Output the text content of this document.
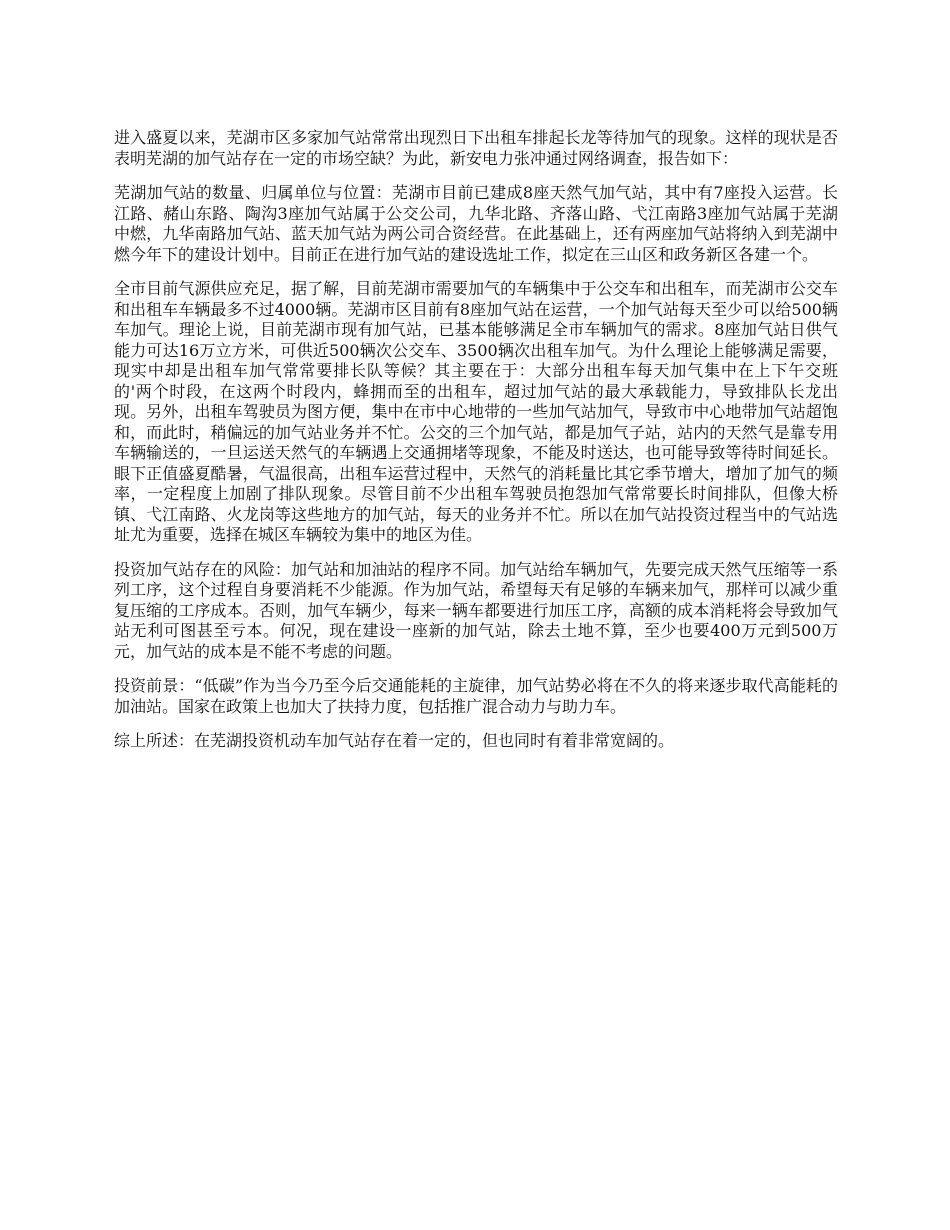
进入盛夏以来，芜湖市区多家加气站常常出现烈日下出租车排起长龙等待加气的现象。这样的现状是否表明芜湖的加气站存在一定的市场空缺？为此，新安电力张冲通过网络调查，报告如下：

芜湖加气站的数量、归属单位与位置：芜湖市目前已建成8座天然气加气站，其中有7座投入运营。长江路、赭山东路、陶沟3座加气站属于公交公司，九华北路、齐落山路、弋江南路3座加气站属于芜湖中燃，九华南路加气站、蓝天加气站为两公司合资经营。在此基础上，还有两座加气站将纳入到芜湖中燃今年下的建设计划中。目前正在进行加气站的建设选址工作，拟定在三山区和政务新区各建一个。

全市目前气源供应充足，据了解，目前芜湖市需要加气的车辆集中于公交车和出租车，而芜湖市公交车和出租车车辆最多不过4000辆。芜湖市区目前有8座加气站在运营，一个加气站每天至少可以给500辆车加气。理论上说，目前芜湖市现有加气站，已基本能够满足全市车辆加气的需求。8座加气站日供气能力可达16万立方米，可供近500辆次公交车、3500辆次出租车加气。为什么理论上能够满足需要，现实中却是出租车加气常常要排长队等候？其主要在于：大部分出租车每天加气集中在上下午交班的'两个时段，在这两个时段内，蜂拥而至的出租车，超过加气站的最大承载能力，导致排队长龙出现。另外，出租车驾驶员为图方便，集中在市中心地带的一些加气站加气，导致市中心地带加气站超饱和，而此时，稍偏远的加气站业务并不忙。公交的三个加气站，都是加气子站，站内的天然气是靠专用车辆输送的，一旦运送天然气的车辆遇上交通拥堵等现象，不能及时送达，也可能导致等待时间延长。眼下正值盛夏酷暑，气温很高，出租车运营过程中，天然气的消耗量比其它季节增大，增加了加气的频率，一定程度上加剧了排队现象。尽管目前不少出租车驾驶员抱怨加气常常要长时间排队，但像大桥镇、弋江南路、火龙岗等这些地方的加气站，每天的业务并不忙。所以在加气站投资过程当中的气站选址尤为重要，选择在城区车辆较为集中的地区为佳。

投资加气站存在的风险：加气站和加油站的程序不同。加气站给车辆加气，先要完成天然气压缩等一系列工序，这个过程自身要消耗不少能源。作为加气站，希望每天有足够的车辆来加气，那样可以减少重复压缩的工序成本。否则，加气车辆少，每来一辆车都要进行加压工序，高额的成本消耗将会导致加气站无利可图甚至亏本。何况，现在建设一座新的加气站，除去土地不算，至少也要400万元到500万元，加气站的成本是不能不考虑的问题。

投资前景：“低碳”作为当今乃至今后交通能耗的主旋律，加气站势必将在不久的将来逐步取代高能耗的加油站。国家在政策上也加大了扶持力度，包括推广混合动力与助力车。

综上所述：在芜湖投资机动车加气站存在着一定的，但也同时有着非常宽阔的。
